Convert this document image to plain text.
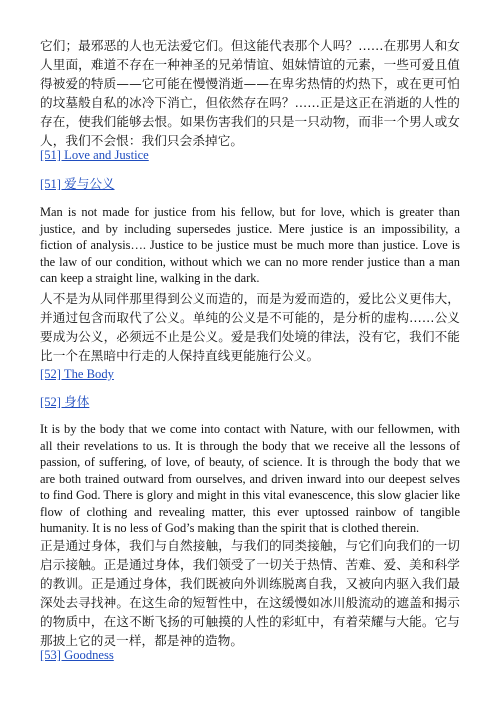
它们；最邪恶的人也无法爱它们。但这能代表那个人吗？……在那男人和女人里面，难道不存在一种神圣的兄弟情谊、姐妹情谊的元素，一些可爱且值得被爱的特质——它可能在慢慢消逝——在卑劣热情的灼热下，或在更可怕的坟墓般自私的冰冷下消亡，但依然存在吗？……正是这正在消逝的人性的存在，使我们能够去恨。如果伤害我们的只是一只动物，而非一个男人或女人，我们不会恨：我们只会杀掉它。

[51] Love and Justice
[51] 爱与公义

Man is not made for justice from his fellow, but for love, which is greater than justice, and by including supersedes justice. Mere justice is an impossibility, a fiction of analysis…. Justice to be justice must be much more than justice. Love is the law of our condition, without which we can no more render justice than a man can keep a straight line, walking in the dark.

人不是为从同伴那里得到公义而造的，而是为爱而造的，爱比公义更伟大，并通过包含而取代了公义。单纯的公义是不可能的，是分析的虚构……公义要成为公义，必须远不止是公义。爱是我们处境的律法，没有它，我们不能比一个在黑暗中行走的人保持直线更能施行公义。

[52] The Body
[52] 身体

It is by the body that we come into contact with Nature, with our fellowmen, with all their revelations to us. It is through the body that we receive all the lessons of passion, of suffering, of love, of beauty, of science. It is through the body that we are both trained outward from ourselves, and driven inward into our deepest selves to find God. There is glory and might in this vital evanescence, this slow glacier like flow of clothing and revealing matter, this ever uptossed rainbow of tangible humanity. It is no less of God’s making than the spirit that is clothed therein.

正是通过身体，我们与自然接触，与我们的同类接触，与它们向我们的一切启示接触。正是通过身体，我们领受了一切关于热情、苦难、爱、美和科学的教训。正是通过身体，我们既被向外训练脱离自我，又被向内驱入我们最深处去寻找神。在这生命的短暂性中，在这缓慢如冰川般流动的遮盖和揭示的物质中，在这不断飞扬的可触摸的人性的彩虹中，有着荣耀与大能。它与那披上它的灵一样，都是神的造物。

[53] Goodness
